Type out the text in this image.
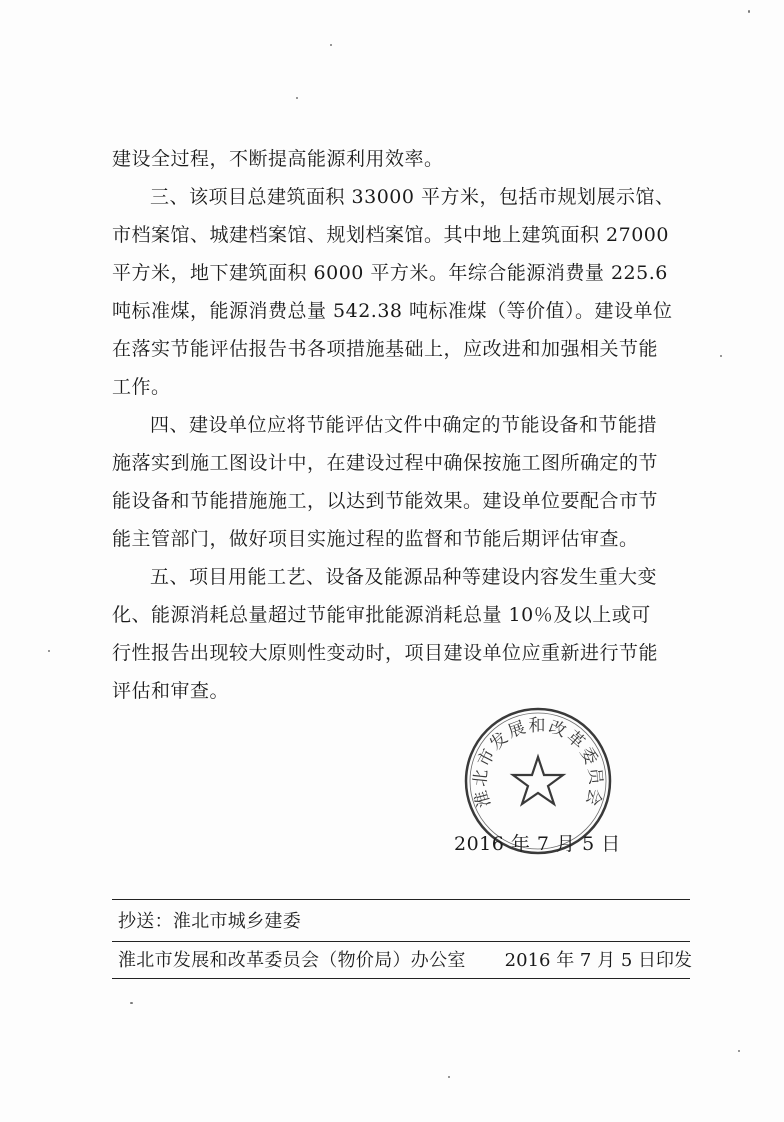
建设全过程，不断提高能源利用效率。
三、该项目总建筑面积 33000 平方米，包括市规划展示馆、
市档案馆、城建档案馆、规划档案馆。其中地上建筑面积 27000
平方米，地下建筑面积 6000 平方米。年综合能源消费量 225.6
吨标准煤，能源消费总量 542.38 吨标准煤（等价值）。建设单位
在落实节能评估报告书各项措施基础上，应改进和加强相关节能
工作。
四、建设单位应将节能评估文件中确定的节能设备和节能措
施落实到施工图设计中，在建设过程中确保按施工图所确定的节
能设备和节能措施施工，以达到节能效果。建设单位要配合市节
能主管部门，做好项目实施过程的监督和节能后期评估审查。
五、项目用能工艺、设备及能源品种等建设内容发生重大变
化、能源消耗总量超过节能审批能源消耗总量 10％及以上或可
行性报告出现较大原则性变动时，项目建设单位应重新进行节能
评估和审查。
淮北市发展和改革委员会
2016 年 7 月 5 日
抄送：淮北市城乡建委
淮北市发展和改革委员会（物价局）办公室 2016 年 7 月 5 日印发
